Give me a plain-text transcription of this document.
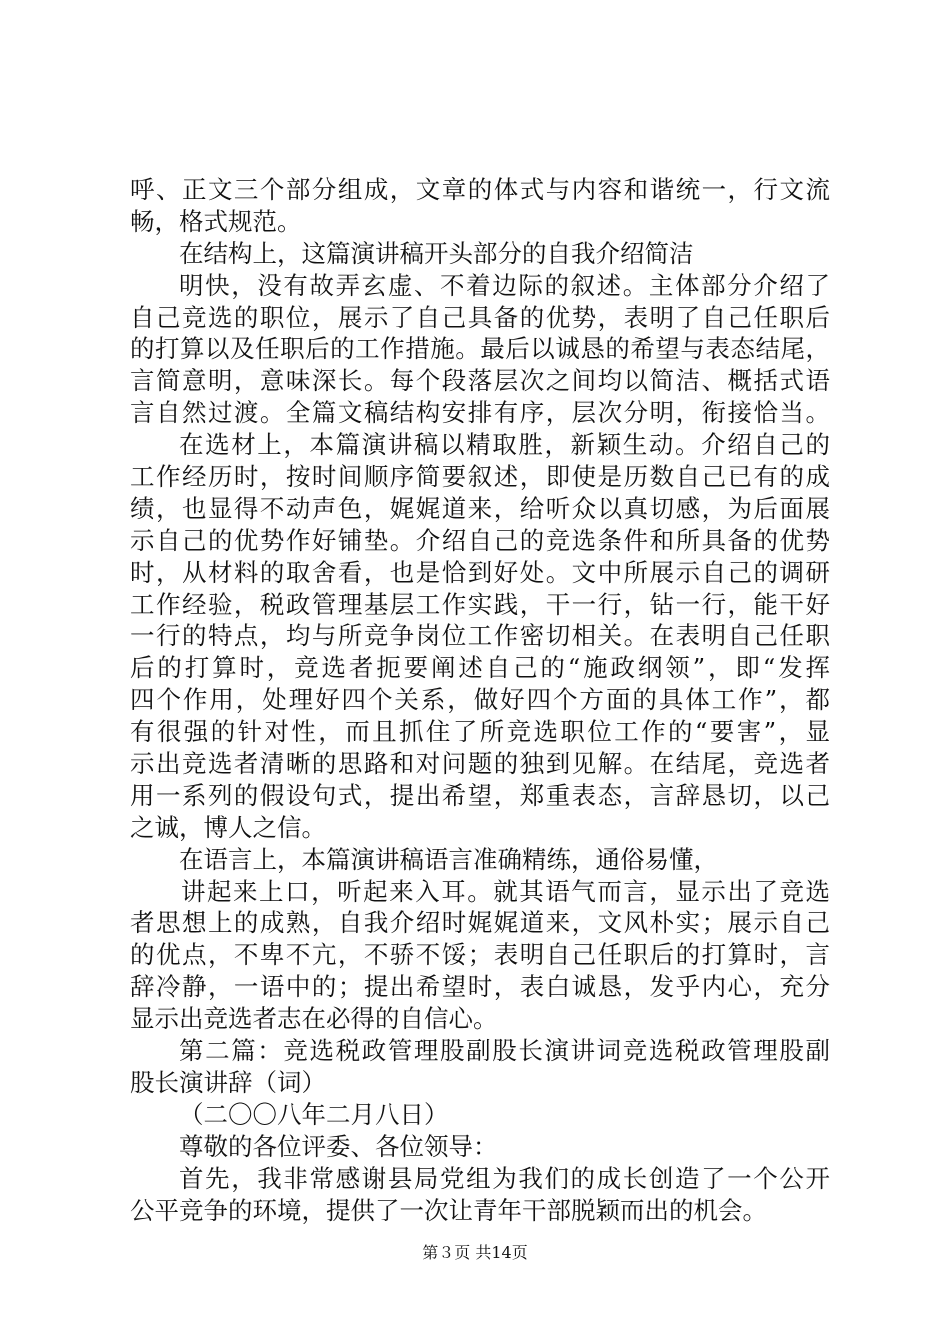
呼、正文三个部分组成，文章的体式与内容和谐统一，行文流
畅，格式规范。
在结构上，这篇演讲稿开头部分的自我介绍简洁
明快，没有故弄玄虚、不着边际的叙述。主体部分介绍了
自己竞选的职位，展示了自己具备的优势，表明了自己任职后
的打算以及任职后的工作措施。最后以诚恳的希望与表态结尾，
言简意明，意味深长。每个段落层次之间均以简洁、概括式语
言自然过渡。全篇文稿结构安排有序，层次分明，衔接恰当。
在选材上，本篇演讲稿以精取胜，新颖生动。介绍自己的
工作经历时，按时间顺序简要叙述，即使是历数自己已有的成
绩，也显得不动声色，娓娓道来，给听众以真切感，为后面展
示自己的优势作好铺垫。介绍自己的竞选条件和所具备的优势
时，从材料的取舍看，也是恰到好处。文中所展示自己的调研
工作经验，税政管理基层工作实践，干一行，钻一行，能干好
一行的特点，均与所竞争岗位工作密切相关。在表明自己任职
后的打算时，竞选者扼要阐述自己的“施政纲领”，即“发挥
四个作用，处理好四个关系，做好四个方面的具体工作”，都
有很强的针对性，而且抓住了所竞选职位工作的“要害”，显
示出竞选者清晰的思路和对问题的独到见解。在结尾，竞选者
用一系列的假设句式，提出希望，郑重表态，言辞恳切，以己
之诚，博人之信。
在语言上，本篇演讲稿语言准确精练，通俗易懂，
讲起来上口，听起来入耳。就其语气而言，显示出了竞选
者思想上的成熟，自我介绍时娓娓道来，文风朴实；展示自己
的优点，不卑不亢，不骄不馁；表明自己任职后的打算时，言
辞冷静，一语中的；提出希望时，表白诚恳，发乎内心，充分
显示出竞选者志在必得的自信心。
第二篇：竞选税政管理股副股长演讲词竞选税政管理股副
股长演讲辞（词）
（二〇〇八年二月八日）
尊敬的各位评委、各位领导：
首先，我非常感谢县局党组为我们的成长创造了一个公开
公平竞争的环境，提供了一次让青年干部脱颖而出的机会。
第３页 共14页
